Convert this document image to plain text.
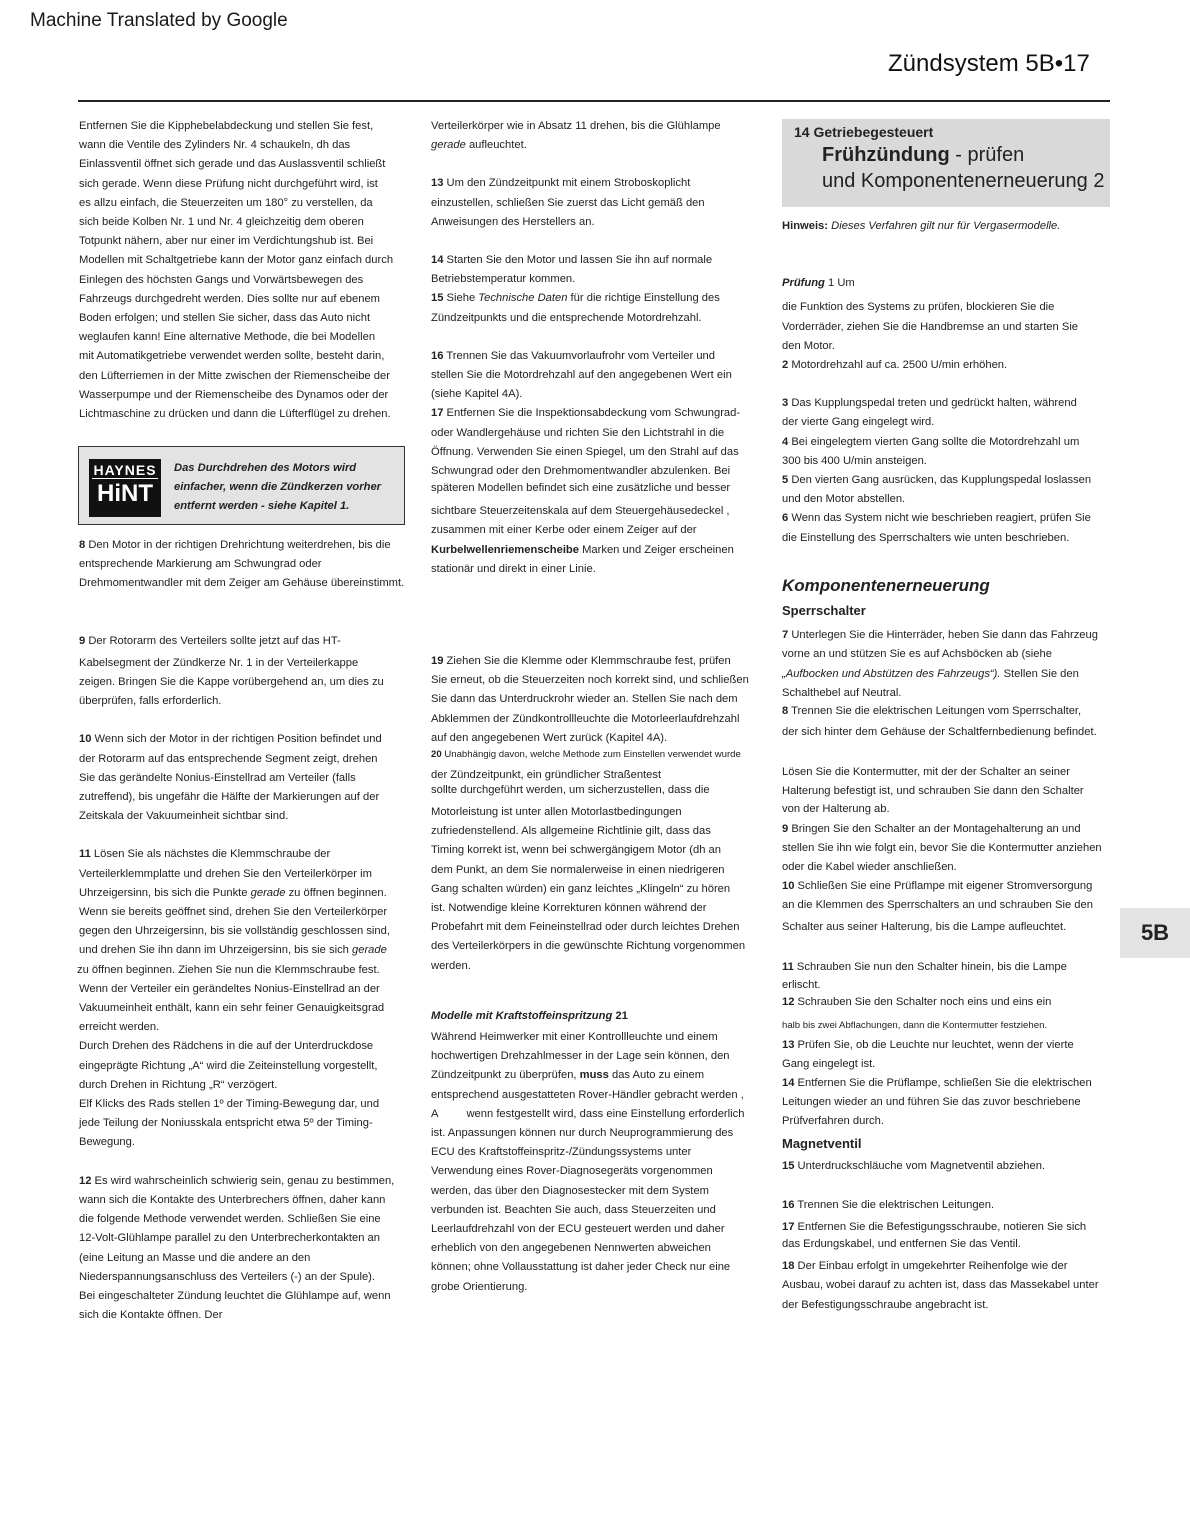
Machine Translated by Google
Zündsystem 5B•17
5B

Entfernen Sie die Kipphebelabdeckung und stellen Sie fest,

wann die Ventile des Zylinders Nr. 4 schaukeln, dh das

Einlassventil öffnet sich gerade und das Auslassventil schließt

sich gerade. Wenn diese Prüfung nicht durchgeführt wird, ist

es allzu einfach, die Steuerzeiten um 180° zu verstellen, da

sich beide Kolben Nr. 1 und Nr. 4 gleichzeitig dem oberen

Totpunkt nähern, aber nur einer im Verdichtungshub ist. Bei

Modellen mit Schaltgetriebe kann der Motor ganz einfach durch

Einlegen des höchsten Gangs und Vorwärtsbewegen des

Fahrzeugs durchgedreht werden. Dies sollte nur auf ebenem

Boden erfolgen; und stellen Sie sicher, dass das Auto nicht

weglaufen kann! Eine alternative Methode, die bei Modellen

mit Automatikgetriebe verwendet werden sollte, besteht darin,

den Lüfterriemen in der Mitte zwischen der Riemenscheibe der

Wasserpumpe und der Riemenscheibe des Dynamos oder der

Lichtmaschine zu drücken und dann die Lüfterflügel zu drehen.

HAYNES
HiNT

Das Durchdrehen des Motors wird

einfacher, wenn die Zündkerzen vorher

entfernt werden - siehe Kapitel 1.

8 Den Motor in der richtigen Drehrichtung weiterdrehen, bis die

entsprechende Markierung am Schwungrad oder

Drehmomentwandler mit dem Zeiger am Gehäuse übereinstimmt.

9 Der Rotorarm des Verteilers sollte jetzt auf das HT-

Kabelsegment der Zündkerze Nr. 1 in der Verteilerkappe

zeigen. Bringen Sie die Kappe vorübergehend an, um dies zu

überprüfen, falls erforderlich.

10 Wenn sich der Motor in der richtigen Position befindet und

der Rotorarm auf das entsprechende Segment zeigt, drehen

Sie das gerändelte Nonius-Einstellrad am Verteiler (falls

zutreffend), bis ungefähr die Hälfte der Markierungen auf der

Zeitskala der Vakuumeinheit sichtbar sind.

11 Lösen Sie als nächstes die Klemmschraube der

Verteilerklemmplatte und drehen Sie den Verteilerkörper im

Uhrzeigersinn, bis sich die Punkte gerade zu öffnen beginnen.

Wenn sie bereits geöffnet sind, drehen Sie den Verteilerkörper

gegen den Uhrzeigersinn, bis sie vollständig geschlossen sind,

und drehen Sie ihn dann im Uhrzeigersinn, bis sie sich gerade

zu öffnen beginnen. Ziehen Sie nun die Klemmschraube fest.

Wenn der Verteiler ein gerändeltes Nonius-Einstellrad an der

Vakuumeinheit enthält, kann ein sehr feiner Genauigkeitsgrad

erreicht werden.

Durch Drehen des Rädchens in die auf der Unterdruckdose

eingeprägte Richtung „A“ wird die Zeiteinstellung vorgestellt,

durch Drehen in Richtung „R“ verzögert.

Elf Klicks des Rads stellen 1º der Timing-Bewegung dar, und

jede Teilung der Noniusskala entspricht etwa 5º der Timing-

Bewegung.

12 Es wird wahrscheinlich schwierig sein, genau zu bestimmen,

wann sich die Kontakte des Unterbrechers öffnen, daher kann

die folgende Methode verwendet werden. Schließen Sie eine

12-Volt-Glühlampe parallel zu den Unterbrecherkontakten an

(eine Leitung an Masse und die andere an den

Niederspannungsanschluss des Verteilers (-) an der Spule).

Bei eingeschalteter Zündung leuchtet die Glühlampe auf, wenn

sich die Kontakte öffnen. Der

Verteilerkörper wie in Absatz 11 drehen, bis die Glühlampe

gerade aufleuchtet.

13 Um den Zündzeitpunkt mit einem Stroboskoplicht

einzustellen, schließen Sie zuerst das Licht gemäß den

Anweisungen des Herstellers an.

14 Starten Sie den Motor und lassen Sie ihn auf normale

Betriebstemperatur kommen.

15 Siehe Technische Daten für die richtige Einstellung des

Zündzeitpunkts und die entsprechende Motordrehzahl.

16 Trennen Sie das Vakuumvorlaufrohr vom Verteiler und

stellen Sie die Motordrehzahl auf den angegebenen Wert ein

(siehe Kapitel 4A).

17 Entfernen Sie die Inspektionsabdeckung vom Schwungrad-

oder Wandlergehäuse und richten Sie den Lichtstrahl in die

Öffnung. Verwenden Sie einen Spiegel, um den Strahl auf das

Schwungrad oder den Drehmomentwandler abzulenken. Bei

späteren Modellen befindet sich eine zusätzliche und besser

sichtbare Steuerzeitenskala auf dem Steuergehäusedeckel ,

zusammen mit einer Kerbe oder einem Zeiger auf der

Kurbelwellenriemenscheibe Marken und Zeiger erscheinen

stationär und direkt in einer Linie.

19 Ziehen Sie die Klemme oder Klemmschraube fest, prüfen

Sie erneut, ob die Steuerzeiten noch korrekt sind, und schließen

Sie dann das Unterdruckrohr wieder an. Stellen Sie nach dem

Abklemmen der Zündkontrollleuchte die Motorleerlaufdrehzahl

auf den angegebenen Wert zurück (Kapitel 4A).

20 Unabhängig davon, welche Methode zum Einstellen verwendet wurde

der Zündzeitpunkt, ein gründlicher Straßentest

sollte durchgeführt werden, um sicherzustellen, dass die

Motorleistung ist unter allen Motorlastbedingungen

zufriedenstellend. Als allgemeine Richtlinie gilt, dass das

Timing korrekt ist, wenn bei schwergängigem Motor (dh an

dem Punkt, an dem Sie normalerweise in einen niedrigeren

Gang schalten würden) ein ganz leichtes „Klingeln“ zu hören

ist. Notwendige kleine Korrekturen können während der

Probefahrt mit dem Feineinstellrad oder durch leichtes Drehen

des Verteilerkörpers in die gewünschte Richtung vorgenommen

werden.

Modelle mit Kraftstoffeinspritzung 21

Während Heimwerker mit einer Kontrollleuchte und einem

hochwertigen Drehzahlmesser in der Lage sein können, den

Zündzeitpunkt zu überprüfen, muss das Auto zu einem

entsprechend ausgestatteten Rover-Händler gebracht werden ,

A	wenn festgestellt wird, dass eine Einstellung erforderlich

ist. Anpassungen können nur durch Neuprogrammierung des

ECU des Kraftstoffeinspritz-/Zündungssystems unter

Verwendung eines Rover-Diagnosegeräts vorgenommen

werden, das über den Diagnosestecker mit dem System

verbunden ist. Beachten Sie auch, dass Steuerzeiten und

Leerlaufdrehzahl von der ECU gesteuert werden und daher

erheblich von den angegebenen Nennwerten abweichen

können; ohne Vollausstattung ist daher jeder Check nur eine

grobe Orientierung.

14 Getriebegesteuert
Frühzündung - prüfen
und Komponentenerneuerung 2

Hinweis: Dieses Verfahren gilt nur für Vergasermodelle.

Prüfung 1 Um

die Funktion des Systems zu prüfen, blockieren Sie die

Vorderräder, ziehen Sie die Handbremse an und starten Sie

den Motor.

2 Motordrehzahl auf ca. 2500 U/min erhöhen.

3 Das Kupplungspedal treten und gedrückt halten, während

der vierte Gang eingelegt wird.

4 Bei eingelegtem vierten Gang sollte die Motordrehzahl um

300 bis 400 U/min ansteigen.

5 Den vierten Gang ausrücken, das Kupplungspedal loslassen

und den Motor abstellen.

6 Wenn das System nicht wie beschrieben reagiert, prüfen Sie

die Einstellung des Sperrschalters wie unten beschrieben.

Komponentenerneuerung

Sperrschalter

7 Unterlegen Sie die Hinterräder, heben Sie dann das Fahrzeug

vorne an und stützen Sie es auf Achsböcken ab (siehe

„Aufbocken und Abstützen des Fahrzeugs“). Stellen Sie den

Schalthebel auf Neutral.

8 Trennen Sie die elektrischen Leitungen vom Sperrschalter,

der sich hinter dem Gehäuse der Schaltfernbedienung befindet.

Lösen Sie die Kontermutter, mit der der Schalter an seiner

Halterung befestigt ist, und schrauben Sie dann den Schalter

von der Halterung ab.

9 Bringen Sie den Schalter an der Montagehalterung an und

stellen Sie ihn wie folgt ein, bevor Sie die Kontermutter anziehen

oder die Kabel wieder anschließen.

10 Schließen Sie eine Prüflampe mit eigener Stromversorgung

an die Klemmen des Sperrschalters an und schrauben Sie den

Schalter aus seiner Halterung, bis die Lampe aufleuchtet.

11 Schrauben Sie nun den Schalter hinein, bis die Lampe

erlischt.

12 Schrauben Sie den Schalter noch eins und eins ein

halb bis zwei Abflachungen, dann die Kontermutter festziehen.

13 Prüfen Sie, ob die Leuchte nur leuchtet, wenn der vierte

Gang eingelegt ist.

14 Entfernen Sie die Prüflampe, schließen Sie die elektrischen

Leitungen wieder an und führen Sie das zuvor beschriebene

Prüfverfahren durch.

Magnetventil

15 Unterdruckschläuche vom Magnetventil abziehen.

16 Trennen Sie die elektrischen Leitungen.

17 Entfernen Sie die Befestigungsschraube, notieren Sie sich

das Erdungskabel, und entfernen Sie das Ventil.

18 Der Einbau erfolgt in umgekehrter Reihenfolge wie der

Ausbau, wobei darauf zu achten ist, dass das Massekabel unter

der Befestigungsschraube angebracht ist.
